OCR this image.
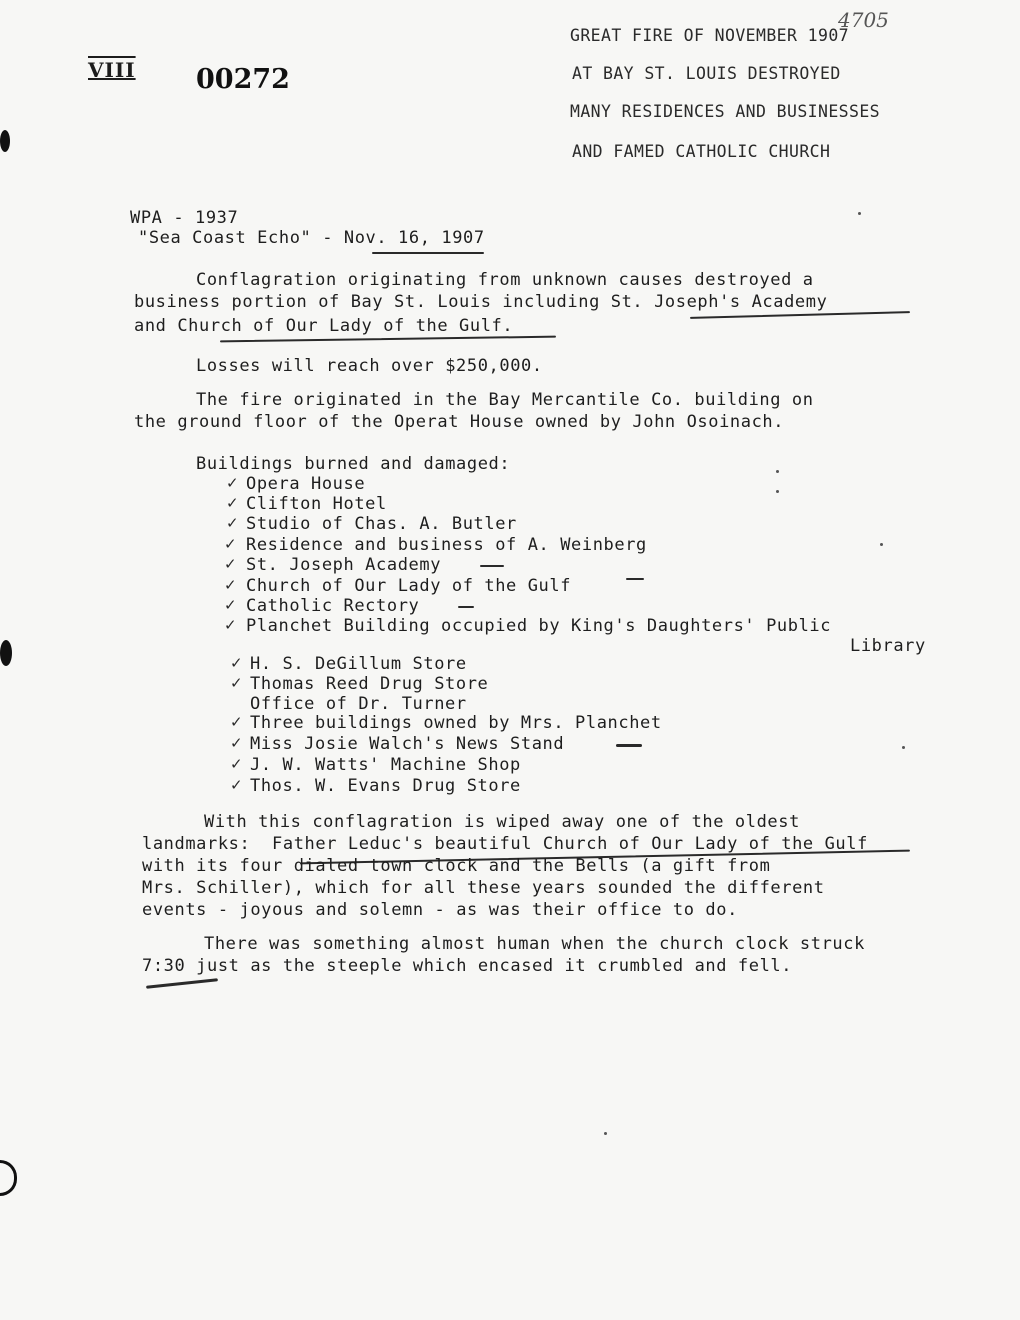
VIII 00272
4705
GREAT FIRE OF NOVEMBER 1907
AT BAY ST. LOUIS DESTROYED
MANY RESIDENCES AND BUSINESSES
AND FAMED CATHOLIC CHURCH
WPA - 1937
"Sea Coast Echo" - Nov. 16, 1907
Conflagration originating from unknown causes destroyed a
business portion of Bay St. Louis including St. Joseph's Academy
and Church of Our Lady of the Gulf.
Losses will reach over $250,000.
The fire originated in the Bay Mercantile Co. building on
the ground floor of the Operat House owned by John Osoinach.
Buildings burned and damaged:
✓ Opera House
✓ Clifton Hotel
✓ Studio of Chas. A. Butler
✓ Residence and business of A. Weinberg
✓ St. Joseph Academy
✓ Church of Our Lady of the Gulf
✓ Catholic Rectory
✓ Planchet Building occupied by King's Daughters' Public
Library
✓ H. S. DeGillum Store
✓ Thomas Reed Drug Store
Office of Dr. Turner
✓ Three buildings owned by Mrs. Planchet
✓ Miss Josie Walch's News Stand
✓ J. W. Watts' Machine Shop
✓ Thos. W. Evans Drug Store
With this conflagration is wiped away one of the oldest
landmarks:  Father Leduc's beautiful Church of Our Lady of the Gulf
with its four dialed town clock and the Bells (a gift from
Mrs. Schiller), which for all these years sounded the different
events - joyous and solemn - as was their office to do.
There was something almost human when the church clock struck
7:30 just as the steeple which encased it crumbled and fell.
